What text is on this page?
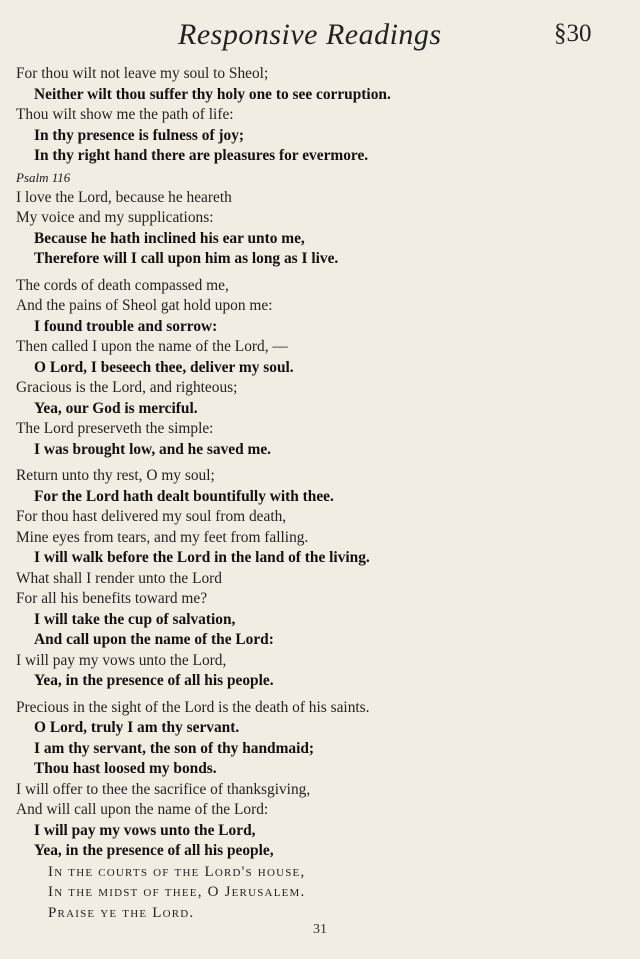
Responsive Readings	§30
For thou wilt not leave my soul to Sheol;
Neither wilt thou suffer thy holy one to see corruption.
Thou wilt show me the path of life:
In thy presence is fulness of joy;
In thy right hand there are pleasures for evermore.
Psalm 116
I love the Lord, because he heareth
My voice and my supplications:
Because he hath inclined his ear unto me,
Therefore will I call upon him as long as I live.
The cords of death compassed me,
And the pains of Sheol gat hold upon me:
I found trouble and sorrow:
Then called I upon the name of the Lord, —
O Lord, I beseech thee, deliver my soul.
Gracious is the Lord, and righteous;
Yea, our God is merciful.
The Lord preserveth the simple:
I was brought low, and he saved me.
Return unto thy rest, O my soul;
For the Lord hath dealt bountifully with thee.
For thou hast delivered my soul from death,
Mine eyes from tears, and my feet from falling.
I will walk before the Lord in the land of the living.
What shall I render unto the Lord
For all his benefits toward me?
I will take the cup of salvation,
And call upon the name of the Lord:
I will pay my vows unto the Lord,
Yea, in the presence of all his people.
Precious in the sight of the Lord is the death of his saints.
O Lord, truly I am thy servant.
I am thy servant, the son of thy handmaid;
Thou hast loosed my bonds.
I will offer to thee the sacrifice of thanksgiving,
And will call upon the name of the Lord:
I will pay my vows unto the Lord,
Yea, in the presence of all his people,
In the courts of the Lord's house,
In the midst of thee, O Jerusalem.
Praise ye the Lord.
31
